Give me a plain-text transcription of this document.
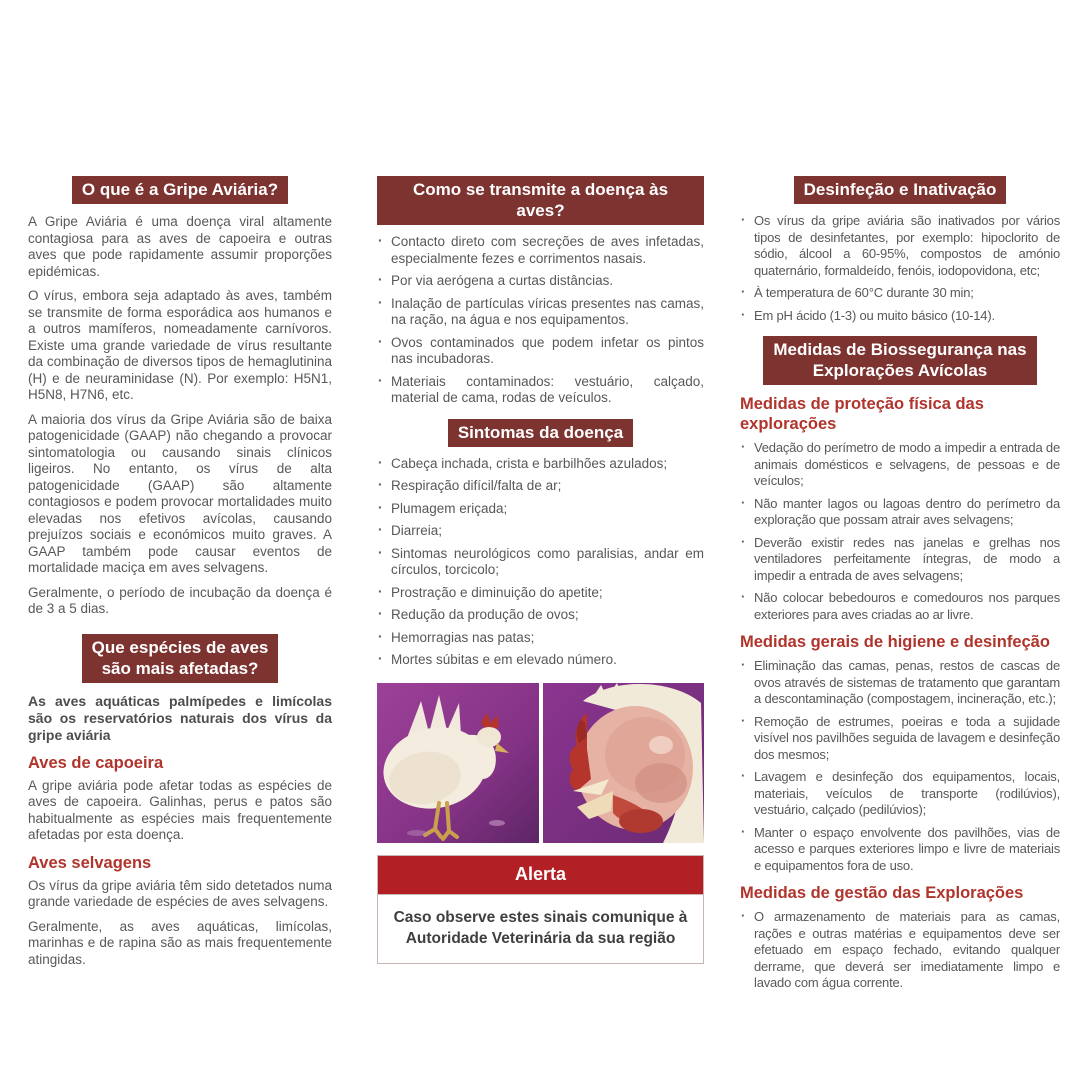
O que é a Gripe Aviária?

A Gripe Aviária é uma doença viral altamente contagiosa para as aves de capoeira e outras aves que pode rapidamente assumir proporções epidémicas.

O vírus, embora seja adaptado às aves, também se transmite de forma esporádica aos humanos e a outros mamíferos, nomeadamente carnívoros. Existe uma grande variedade de vírus resultante da combinação de diversos tipos de hemaglutinina (H) e de neuraminidase (N). Por exemplo: H5N1, H5N8, H7N6, etc.

A maioria dos vírus da Gripe Aviária são de baixa patogenicidade (GAAP) não chegando a provocar sintomatologia ou causando sinais clínicos ligeiros. No entanto, os vírus de alta patogenicidade (GAAP) são altamente contagiosos e podem provocar mortalidades muito elevadas nos efetivos avícolas, causando prejuízos sociais e económicos muito graves. A GAAP também pode causar eventos de mortalidade maciça em aves selvagens.

Geralmente, o período de incubação da doença é de 3 a 5 dias.

Que espécies de aves
são mais afetadas?

As aves aquáticas palmípedes e limícolas são os reservatórios naturais dos vírus da gripe aviária

Aves de capoeira

A gripe aviária pode afetar todas as espécies de aves de capoeira. Galinhas, perus e patos são habitualmente as espécies mais frequentemente afetadas por esta doença.

Aves selvagens

Os vírus da gripe aviária têm sido detetados numa grande variedade de espécies de aves selvagens.

Geralmente, as aves aquáticas, limícolas, marinhas e de rapina são as mais frequentemente atingidas.

Como se transmite a doença às aves?
· Contacto direto com secreções de aves infetadas, especialmente fezes e corrimentos nasais.
· Por via aerógena a curtas distâncias.
· Inalação de partículas víricas presentes nas camas, na ração, na água e nos equipamentos.
· Ovos contaminados que podem infetar os pintos nas incubadoras.
· Materiais contaminados: vestuário, calçado, material de cama, rodas de veículos.
Sintomas da doença
· Cabeça inchada, crista e barbilhões azulados;
· Respiração difícil/falta de ar;
· Plumagem eriçada;
· Diarreia;
· Sintomas neurológicos como paralisias, andar em círculos, torcicolo;
· Prostração e diminuição do apetite;
· Redução da produção de ovos;
· Hemorragias nas patas;
· Mortes súbitas e em elevado número.
Alerta
Caso observe estes sinais comunique à
Autoridade Veterinária da sua região
Desinfeção e Inativação
· Os vírus da gripe aviária são inativados por vários tipos de desinfetantes, por exemplo: hipoclorito de sódio, álcool a 60-95%, compostos de amónio quaternário, formaldeído, fenóis, iodopovidona, etc;
· À temperatura de 60°C durante 30 min;
· Em pH ácido (1-3) ou muito básico (10-14).
Medidas de Biossegurança nas
Explorações Avícolas
Medidas de proteção física das explorações
· Vedação do perímetro de modo a impedir a entrada de animais domésticos e selvagens, de pessoas e de veículos;
· Não manter lagos ou lagoas dentro do perímetro da exploração que possam atrair aves selvagens;
· Deverão existir redes nas janelas e grelhas nos ventiladores perfeitamente íntegras, de modo a impedir a entrada de aves selvagens;
· Não colocar bebedouros e comedouros nos parques exteriores para aves criadas ao ar livre.
Medidas gerais de higiene e desinfeção
· Eliminação das camas, penas, restos de cascas de ovos através de sistemas de tratamento que garantam a descontaminação (compostagem, incineração, etc.);
· Remoção de estrumes, poeiras e toda a sujidade visível nos pavilhões seguida de lavagem e desinfeção dos mesmos;
· Lavagem e desinfeção dos equipamentos, locais, materiais, veículos de transporte (rodilúvios), vestuário, calçado (pedilúvios);
· Manter o espaço envolvente dos pavilhões, vias de acesso e parques exteriores limpo e livre de materiais e equipamentos fora de uso.
Medidas de gestão das Explorações
· O armazenamento de materiais para as camas, rações e outras matérias e equipamentos deve ser efetuado em espaço fechado, evitando qualquer derrame, que deverá ser imediatamente limpo e lavado com água corrente.
